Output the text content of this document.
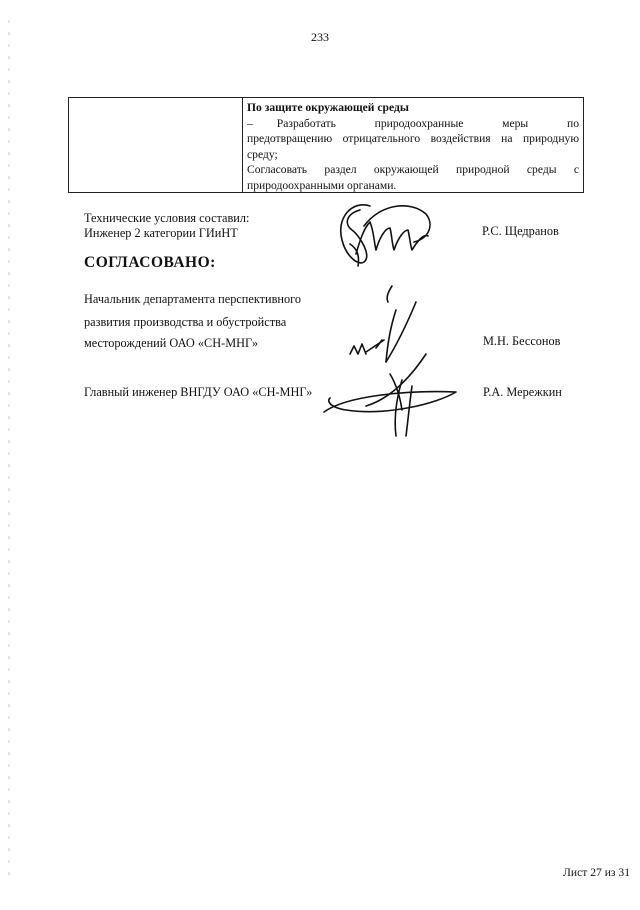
233
По защите окружающей среды
– Разработать природоохранные меры по
предотвращению отрицательного воздействия на природную
среду;
Согласовать раздел окружающей природной среды с
природоохранными органами.
Технические условия составил:
Инженер 2 категории ГИиНТ	Р.С. Щедранов
СОГЛАСОВАНО:
Начальник департамента перспективного
развития производства и обустройства
месторождений ОАО «СН-МНГ»	М.Н. Бессонов
Главный инженер ВНГДУ ОАО «СН-МНГ»	Р.А. Мережкин
Лист 27 из 31
